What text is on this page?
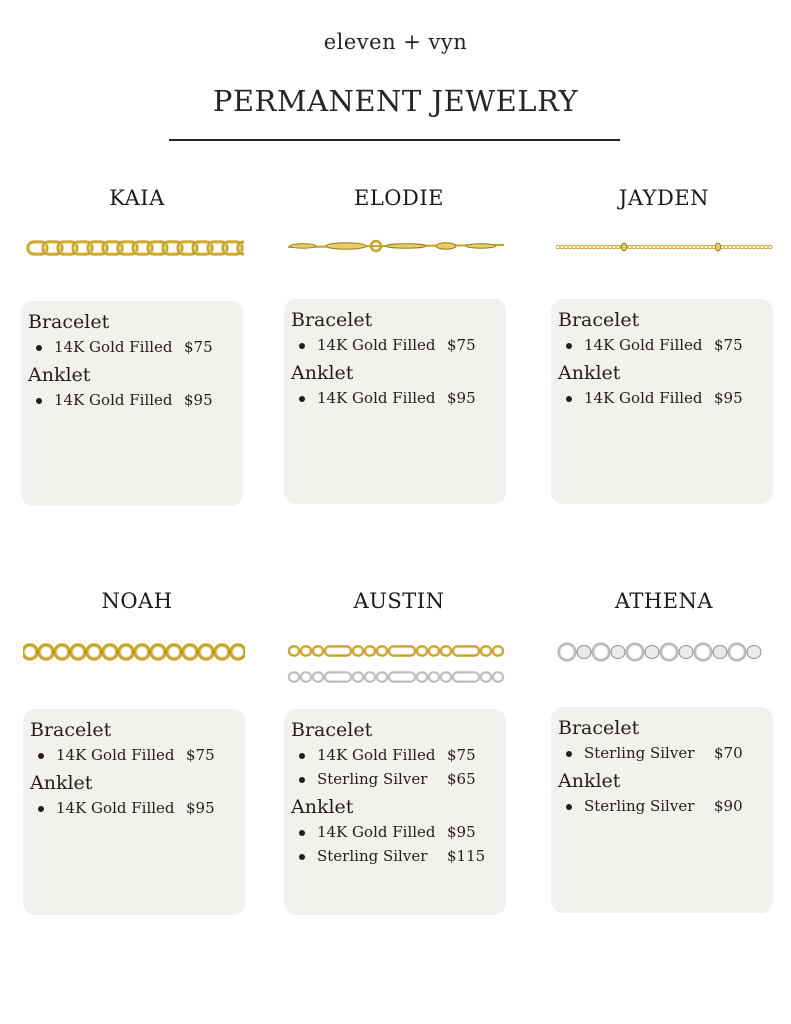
eleven + vyn
PERMANENT JEWELRY
KAIA	ELODIE	JAYDEN
NOAH	AUSTIN	ATHENA
Bracelet
14K Gold Filled $75
Anklet
14K Gold Filled $95
Bracelet
14K Gold Filled $75
Anklet
14K Gold Filled $95
Bracelet
14K Gold Filled $75
Anklet
14K Gold Filled $95
Bracelet
14K Gold Filled $75
Anklet
14K Gold Filled $95
Bracelet
14K Gold Filled $75
Sterling Silver $65
Anklet
14K Gold Filled $95
Sterling Silver $115
Bracelet
Sterling Silver $70
Anklet
Sterling Silver $90
